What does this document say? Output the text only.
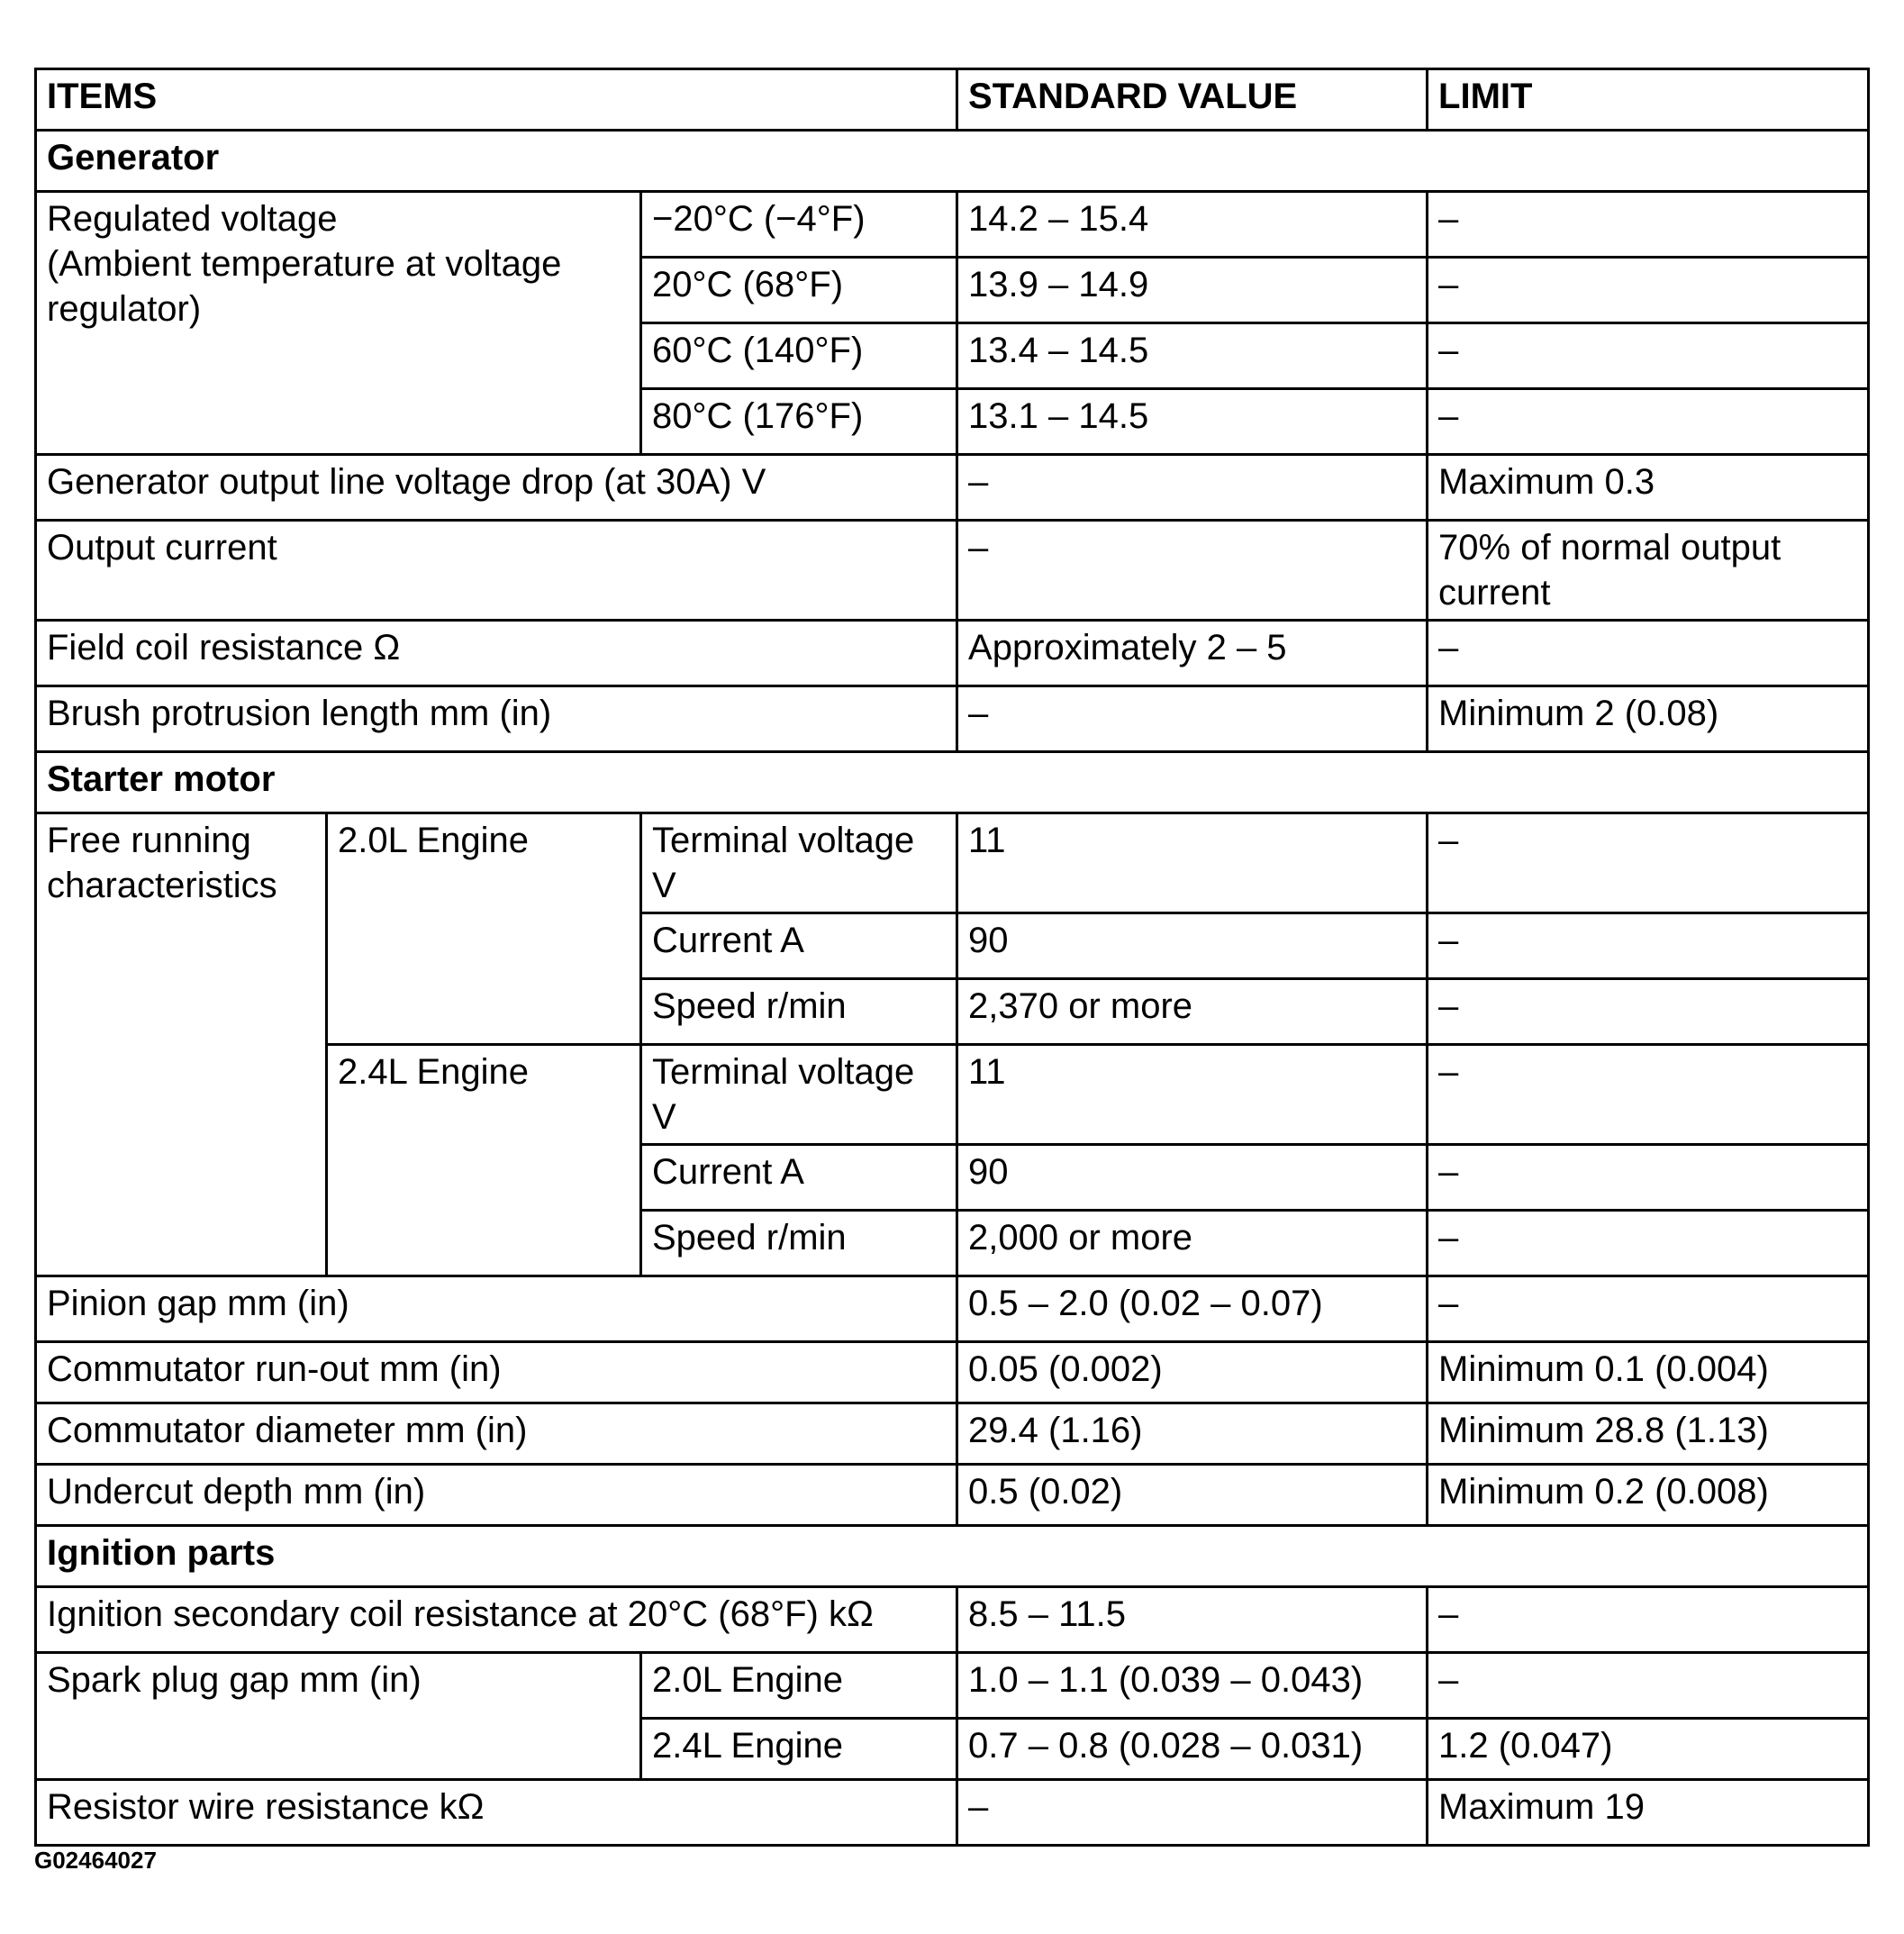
ITEMS			STANDARD VALUE	LIMIT
Generator				
Regulated voltage
(Ambient temperature at voltage regulator)		−20°C (−4°F)	14.2 – 15.4	–
		20°C (68°F)	13.9 – 14.9	–
		60°C (140°F)	13.4 – 14.5	–
		80°C (176°F)	13.1 – 14.5	–
Generator output line voltage drop (at 30A) V			–	Maximum 0.3
Output current			–	70% of normal output current
Field coil resistance Ω			Approximately 2 – 5	–
Brush protrusion length mm (in)			–	Minimum 2 (0.08)
Starter motor				
Free running characteristics	2.0L Engine	Terminal voltage V	11	–
		Current A	90	–
		Speed r/min	2,370 or more	–
	2.4L Engine	Terminal voltage V	11	–
		Current A	90	–
		Speed r/min	2,000 or more	–
Pinion gap mm (in)			0.5 – 2.0 (0.02 – 0.07)	–
Commutator run-out mm (in)			0.05 (0.002)	Minimum 0.1 (0.004)
Commutator diameter mm (in)			29.4 (1.16)	Minimum 28.8 (1.13)
Undercut depth mm (in)			0.5 (0.02)	Minimum 0.2 (0.008)
Ignition parts				
Ignition secondary coil resistance at 20°C (68°F) kΩ			8.5 – 11.5	–
Spark plug gap mm (in)		2.0L Engine	1.0 – 1.1 (0.039 – 0.043)	–
		2.4L Engine	0.7 – 0.8 (0.028 – 0.031)	1.2 (0.047)
Resistor wire resistance kΩ			–	Maximum 19
G02464027
